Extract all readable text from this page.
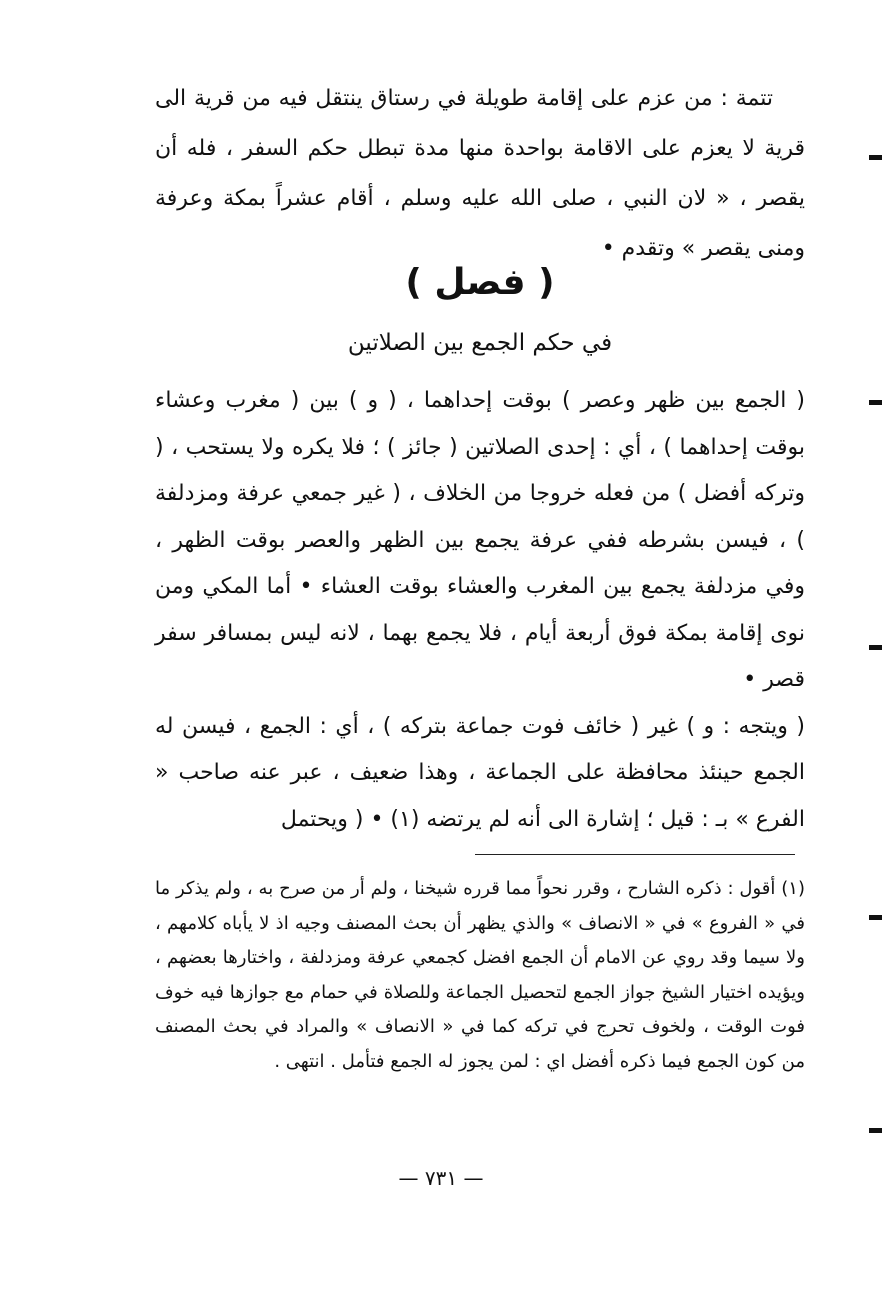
تتمة : من عزم على إقامة طويلة في رستاق ينتقل فيه من قرية الى قرية لا يعزم على الاقامة بواحدة منها مدة تبطل حكم السفر ، فله أن يقصر ، « لان النبي ، صلى الله عليه وسلم ، أقام عشراً بمكة وعرفة ومنى يقصر » وتقدم •

( فصل )
في حكم الجمع بين الصلاتين

( الجمع بين ظهر وعصر ) بوقت إحداهما ، ( و ) بين ( مغرب وعشاء بوقت إحداهما ) ، أي : إحدى الصلاتين ( جائز ) ؛ فلا يكره ولا يستحب ، ( وتركه أفضل ) من فعله خروجا من الخلاف ، ( غير جمعي عرفة ومزدلفة ) ، فيسن بشرطه ففي عرفة يجمع بين الظهر والعصر بوقت الظهر ، وفي مزدلفة يجمع بين المغرب والعشاء بوقت العشاء • أما المكي ومن نوى إقامة بمكة فوق أربعة أيام ، فلا يجمع بهما ، لانه ليس بمسافر سفر قصر •

( ويتجه : و ) غير ( خائف فوت جماعة بتركه ) ، أي : الجمع ، فيسن له الجمع حينئذ محافظة على الجماعة ، وهذا ضعيف ، عبر عنه صاحب « الفرع » بـ : قيل ؛ إشارة الى أنه لم يرتضه (١) • ( ويحتمل

(١) أقول : ذكره الشارح ، وقرر نحواً مما قرره شيخنا ، ولم أر من صرح به ، ولم يذكر ما في « الفروع » في « الانصاف » والذي يظهر أن بحث المصنف وجيه اذ لا يأباه كلامهم ، ولا سيما وقد روي عن الامام أن الجمع افضل كجمعي عرفة ومزدلفة ، واختارها بعضهم ، ويؤيده اختيار الشيخ جواز الجمع لتحصيل الجماعة وللصلاة في حمام مع جوازها فيه خوف فوت الوقت ، ولخوف تحرج في تركه كما في « الانصاف » والمراد في بحث المصنف من كون الجمع فيما ذكره أفضل اي : لمن يجوز له الجمع فتأمل . انتهى .

— ٧٣١ —
